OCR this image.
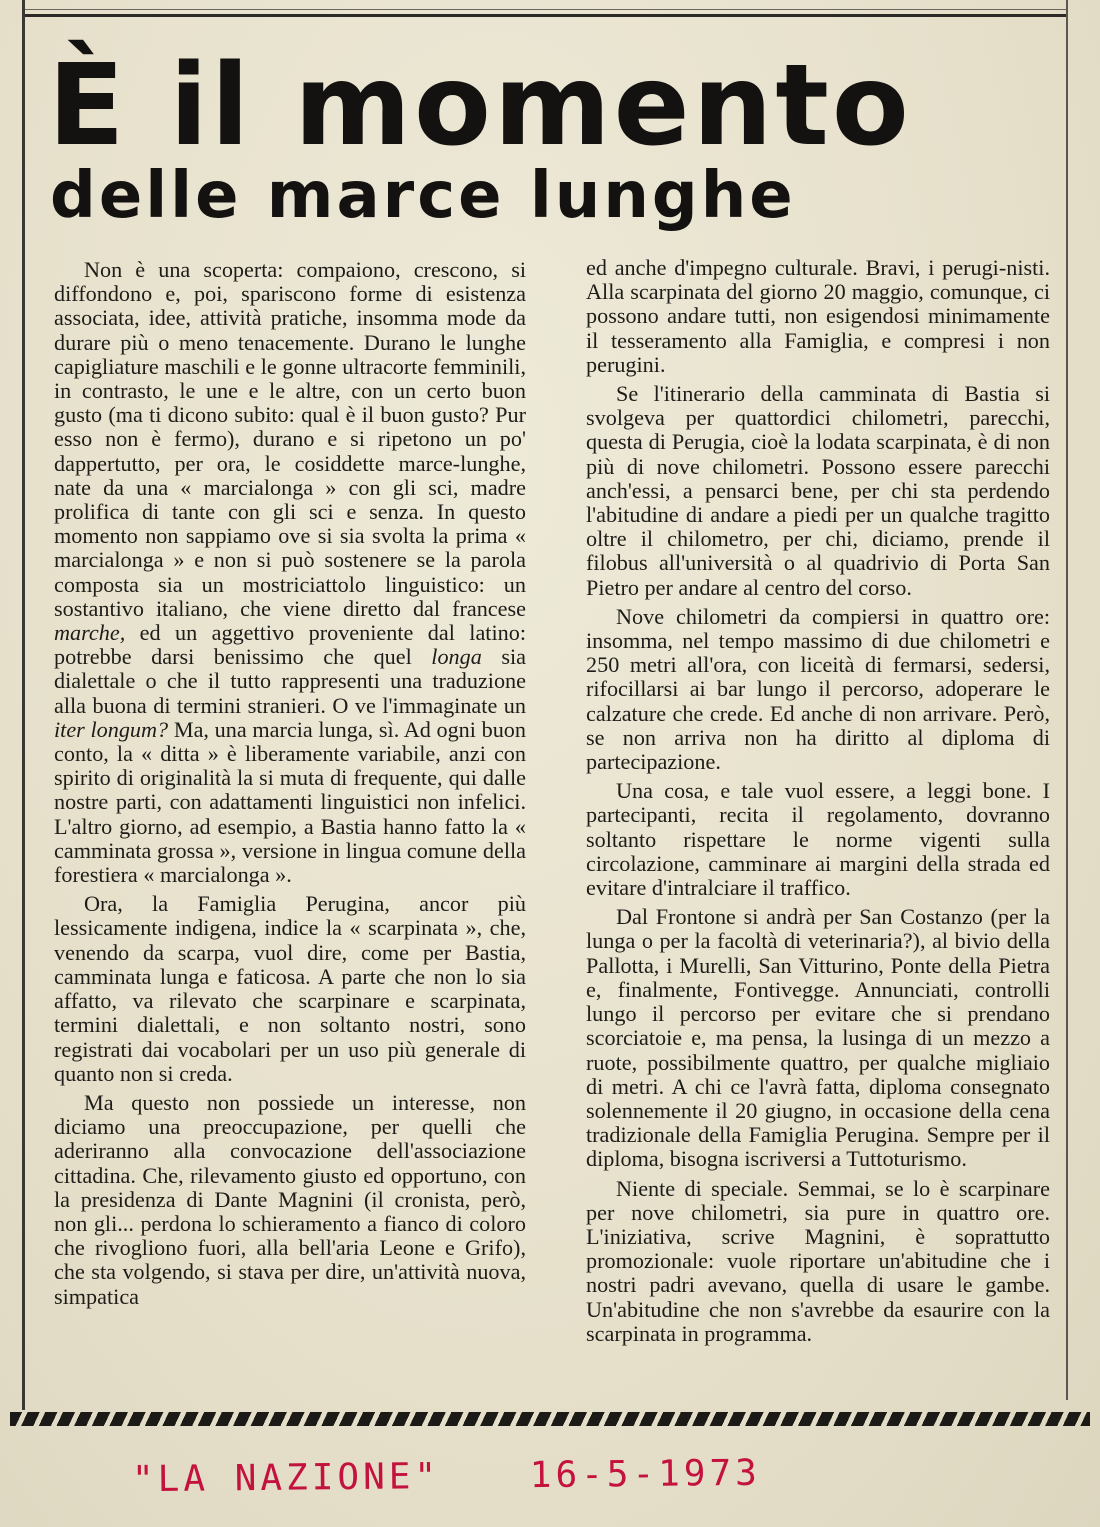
È il momento
delle marce lunghe

Non è una scoperta: compaiono, crescono, si diffondono e, poi, spariscono forme di esistenza associata, idee, attività pratiche, insomma mode da durare più o meno tenacemente. Durano le lunghe capigliature maschili e le gonne ultracorte femminili, in contrasto, le une e le altre, con un certo buon gusto (ma ti dicono subito: qual è il buon gusto? Pur esso non è fermo), durano e si ripetono un po' dappertutto, per ora, le cosiddette marce-lunghe, nate da una « marcialonga » con gli sci, madre prolifica di tante con gli sci e senza. In questo momento non sappiamo ove si sia svolta la prima « marcialonga » e non si può sostenere se la parola composta sia un mostriciattolo linguistico: un sostantivo italiano, che viene diretto dal francese marche, ed un aggettivo proveniente dal latino: potrebbe darsi benissimo che quel longa sia dialettale o che il tutto rappresenti una traduzione alla buona di termini stranieri. O ve l'immaginate un iter longum? Ma, una marcia lunga, sì. Ad ogni buon conto, la « ditta » è liberamente variabile, anzi con spirito di originalità la si muta di frequente, qui dalle nostre parti, con adattamenti linguistici non infelici. L'altro giorno, ad esempio, a Bastia hanno fatto la « camminata grossa », versione in lingua comune della forestiera « marcialonga ».

Ora, la Famiglia Perugina, ancor più lessicamente indigena, indice la « scarpinata », che, venendo da scarpa, vuol dire, come per Bastia, camminata lunga e faticosa. A parte che non lo sia affatto, va rilevato che scarpinare e scarpinata, termini dialettali, e non soltanto nostri, sono registrati dai vocabolari per un uso più generale di quanto non si creda.

Ma questo non possiede un interesse, non diciamo una preoccupazione, per quelli che aderiranno alla convocazione dell'associazione cittadina. Che, rilevamento giusto ed opportuno, con la presidenza di Dante Magnini (il cronista, però, non gli... perdona lo schieramento a fianco di coloro che rivogliono fuori, alla bell'aria Leone e Grifo), che sta volgendo, si stava per dire, un'attività nuova, simpatica

ed anche d'impegno culturale. Bravi, i perugi-nisti. Alla scarpinata del giorno 20 maggio, comunque, ci possono andare tutti, non esigendosi minimamente il tesseramento alla Famiglia, e compresi i non perugini.

Se l'itinerario della camminata di Bastia si svolgeva per quattordici chilometri, parecchi, questa di Perugia, cioè la lodata scarpinata, è di non più di nove chilometri. Possono essere parecchi anch'essi, a pensarci bene, per chi sta perdendo l'abitudine di andare a piedi per un qualche tragitto oltre il chilometro, per chi, diciamo, prende il filobus all'università o al quadrivio di Porta San Pietro per andare al centro del corso.

Nove chilometri da compiersi in quattro ore: insomma, nel tempo massimo di due chilometri e 250 metri all'ora, con liceità di fermarsi, sedersi, rifocillarsi ai bar lungo il percorso, adoperare le calzature che crede. Ed anche di non arrivare. Però, se non arriva non ha diritto al diploma di partecipazione.

Una cosa, e tale vuol essere, a leggi bone. I partecipanti, recita il regolamento, dovranno soltanto rispettare le norme vigenti sulla circolazione, camminare ai margini della strada ed evitare d'intralciare il traffico.

Dal Frontone si andrà per San Costanzo (per la lunga o per la facoltà di veterinaria?), al bivio della Pallotta, i Murelli, San Vitturino, Ponte della Pietra e, finalmente, Fontivegge. Annunciati, controlli lungo il percorso per evitare che si prendano scorciatoie e, ma pensa, la lusinga di un mezzo a ruote, possibilmente quattro, per qualche migliaio di metri. A chi ce l'avrà fatta, diploma consegnato solennemente il 20 giugno, in occasione della cena tradizionale della Famiglia Perugina. Sempre per il diploma, bisogna iscriversi a Tuttoturismo.

Niente di speciale. Semmai, se lo è scarpinare per nove chilometri, sia pure in quattro ore. L'iniziativa, scrive Magnini, è soprattutto promozionale: vuole riportare un'abitudine che i nostri padri avevano, quella di usare le gambe. Un'abitudine che non s'avrebbe da esaurire con la scarpinata in programma.

"LA NAZIONE" 16-5-1973
